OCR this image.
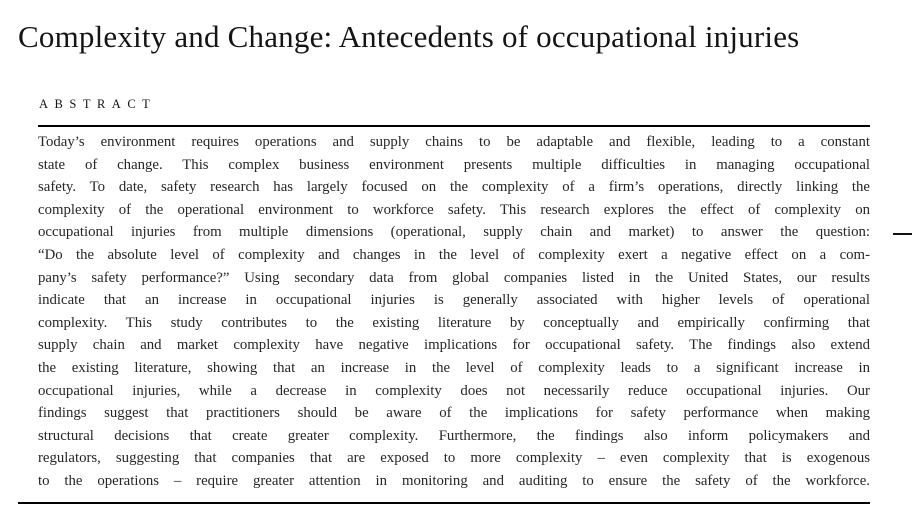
Complexity and Change: Antecedents of occupational injuries
ABSTRACT
Today’s environment requires operations and supply chains to be adaptable and flexible, leading to a constant
state of change. This complex business environment presents multiple difficulties in managing occupational
safety. To date, safety research has largely focused on the complexity of a firm’s operations, directly linking the
complexity of the operational environment to workforce safety. This research explores the effect of complexity on
occupational injuries from multiple dimensions (operational, supply chain and market) to answer the question:
“Do the absolute level of complexity and changes in the level of complexity exert a negative effect on a com-
pany’s safety performance?” Using secondary data from global companies listed in the United States, our results
indicate that an increase in occupational injuries is generally associated with higher levels of operational
complexity. This study contributes to the existing literature by conceptually and empirically confirming that
supply chain and market complexity have negative implications for occupational safety. The findings also extend
the existing literature, showing that an increase in the level of complexity leads to a significant increase in
occupational injuries, while a decrease in complexity does not necessarily reduce occupational injuries. Our
findings suggest that practitioners should be aware of the implications for safety performance when making
structural decisions that create greater complexity. Furthermore, the findings also inform policymakers and
regulators, suggesting that companies that are exposed to more complexity – even complexity that is exogenous
to the operations – require greater attention in monitoring and auditing to ensure the safety of the workforce.
